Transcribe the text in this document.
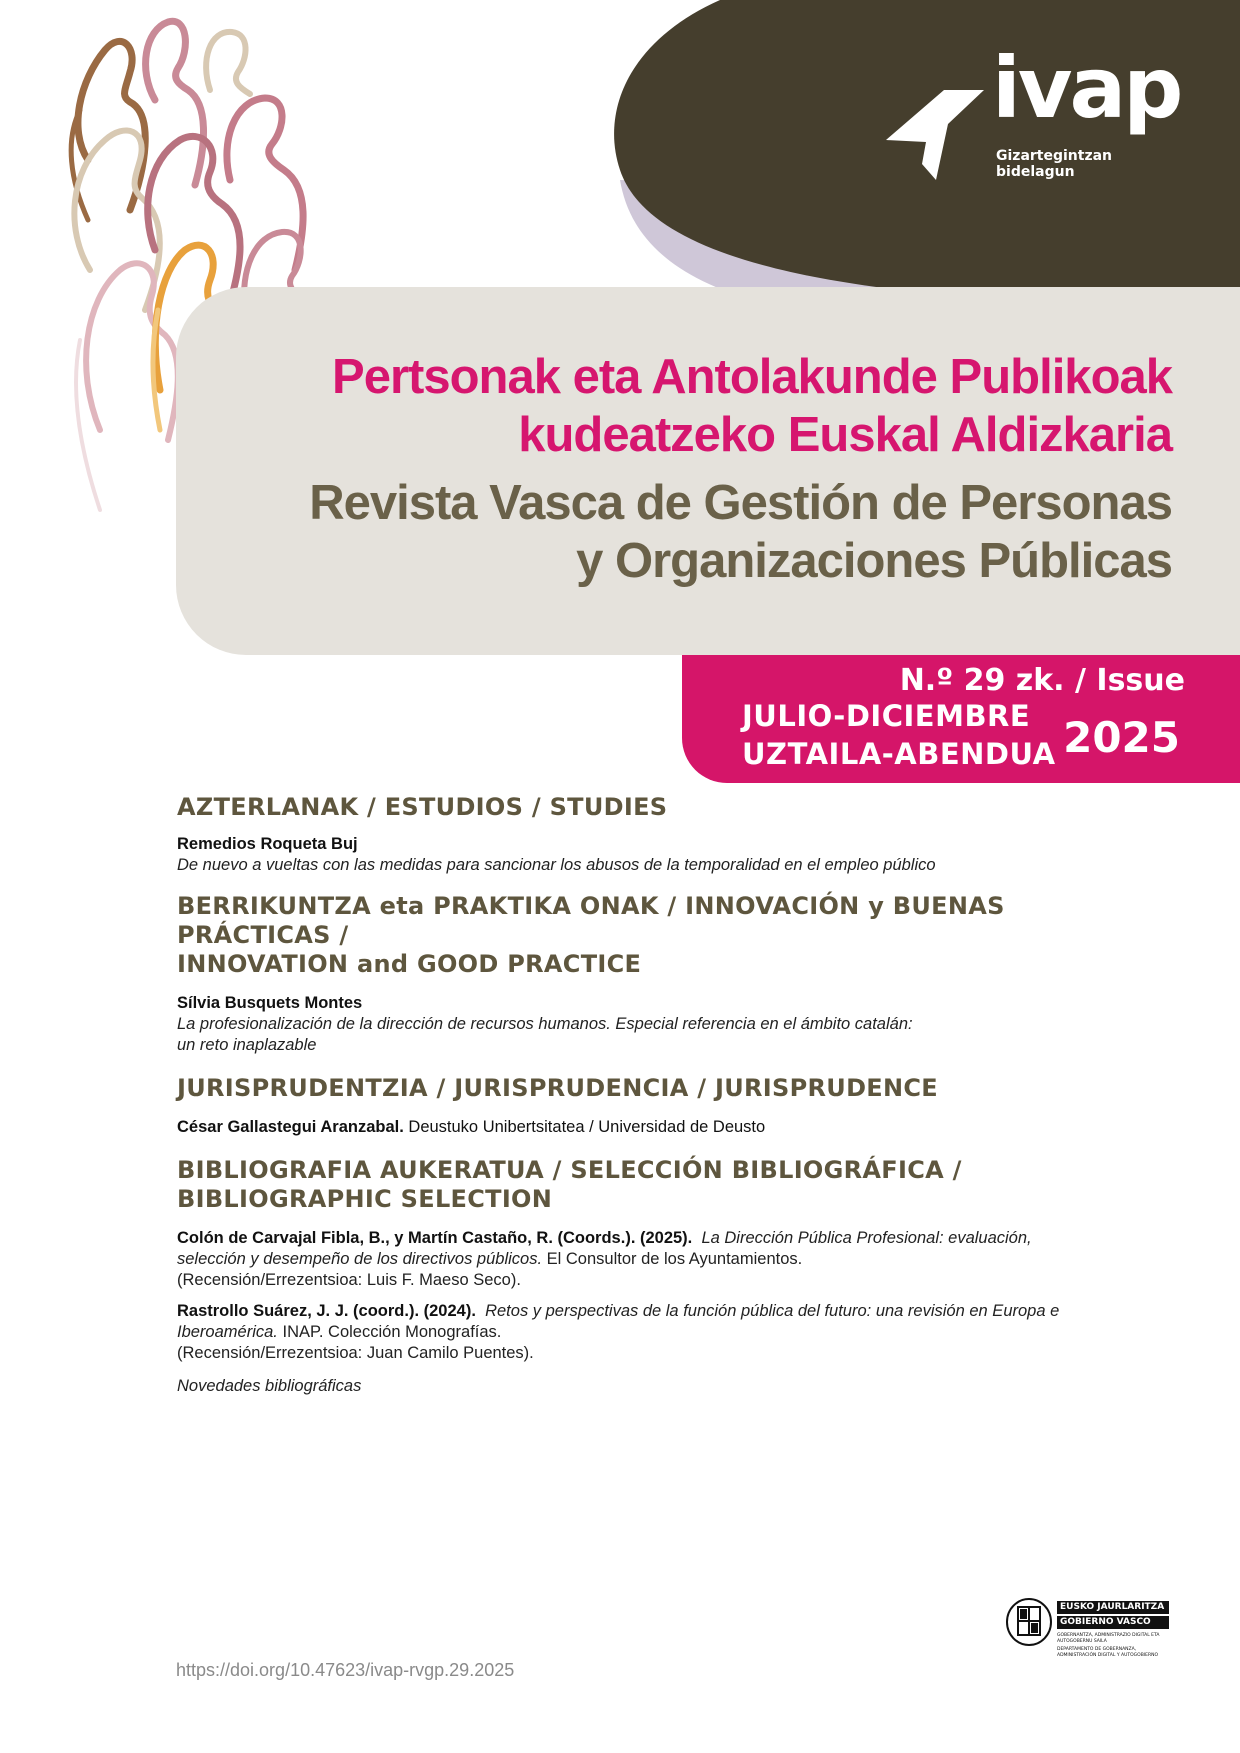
ivap
Gizartegintzan
bidelagun
Pertsonak eta Antolakunde Publikoak
kudeatzeko Euskal Aldizkaria
Revista Vasca de Gestión de Personas
y Organizaciones Públicas
N.º 29 zk. / Issue
JULIO-DICIEMBRE
UZTAILA-ABENDUA 2025
AZTERLANAK / ESTUDIOS / STUDIES

Remedios Roqueta Buj

De nuevo a vueltas con las medidas para sancionar los abusos de la temporalidad en el empleo público

BERRIKUNTZA eta PRAKTIKA ONAK / INNOVACIÓN y BUENAS PRÁCTICAS /
INNOVATION and GOOD PRACTICE

Sílvia Busquets Montes

La profesionalización de la dirección de recursos humanos. Especial referencia en el ámbito catalán:

un reto inaplazable

JURISPRUDENTZIA / JURISPRUDENCIA / JURISPRUDENCE

César Gallastegui Aranzabal. Deustuko Unibertsitatea / Universidad de Deusto

BIBLIOGRAFIA AUKERATUA / SELECCIÓN BIBLIOGRÁFICA /
BIBLIOGRAPHIC SELECTION

Colón de Carvajal Fibla, B., y Martín Castaño, R. (Coords.). (2025). La Dirección Pública Profesional: evaluación,

selección y desempeño de los directivos públicos. El Consultor de los Ayuntamientos.

(Recensión/Errezentsioa: Luis F. Maeso Seco).

Rastrollo Suárez, J. J. (coord.). (2024). Retos y perspectivas de la función pública del futuro: una revisión en Europa e

Iberoamérica. INAP. Colección Monografías.

(Recensión/Errezentsioa: Juan Camilo Puentes).

Novedades bibliográficas

https://doi.org/10.47623/ivap-rvgp.29.2025
EUSKO JAURLARITZA
GOBIERNO VASCO
GOBERNANTZA, ADMINISTRAZIO DIGITAL ETA AUTOGOBERNU SAILA
DEPARTAMENTO DE GOBERNANZA, ADMINISTRACIÓN DIGITAL Y AUTOGOBIERNO
